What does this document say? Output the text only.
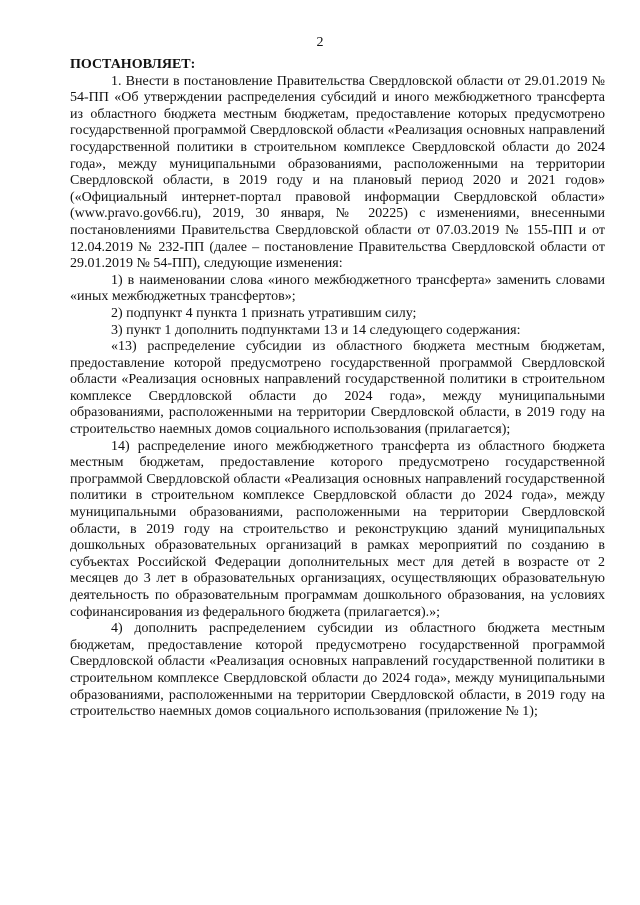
2

ПОСТАНОВЛЯЕТ:

1. Внести в постановление Правительства Свердловской области от 29.01.2019 № 54-ПП «Об утверждении распределения субсидий и иного межбюджетного трансферта из областного бюджета местным бюджетам, предоставление которых предусмотрено государственной программой Свердловской области «Реализация основных направлений государственной политики в строительном комплексе Свердловской области до 2024 года», между муниципальными образованиями, расположенными на территории Свердловской области, в 2019 году и на плановый период 2020 и 2021 годов» («Официальный интернет-портал правовой информации Свердловской области» (www.pravo.gov66.ru), 2019, 30 января, № 20225) с изменениями, внесенными постановлениями Правительства Свердловской области от 07.03.2019 № 155-ПП и от 12.04.2019 № 232-ПП (далее – постановление Правительства Свердловской области от 29.01.2019 № 54-ПП), следующие изменения:

1) в наименовании слова «иного межбюджетного трансферта» заменить словами «иных межбюджетных трансфертов»;

2) подпункт 4 пункта 1 признать утратившим силу;

3) пункт 1 дополнить подпунктами 13 и 14 следующего содержания:

«13) распределение субсидии из областного бюджета местным бюджетам, предоставление которой предусмотрено государственной программой Свердловской области «Реализация основных направлений государственной политики в строительном комплексе Свердловской области до 2024 года», между муниципальными образованиями, расположенными на территории Свердловской области, в 2019 году на строительство наемных домов социального использования (прилагается);

14) распределение иного межбюджетного трансферта из областного бюджета местным бюджетам, предоставление которого предусмотрено государственной программой Свердловской области «Реализация основных направлений государственной политики в строительном комплексе Свердловской области до 2024 года», между муниципальными образованиями, расположенными на территории Свердловской области, в 2019 году на строительство и реконструкцию зданий муниципальных дошкольных образовательных организаций в рамках мероприятий по созданию в субъектах Российской Федерации дополнительных мест для детей в возрасте от 2 месяцев до 3 лет в образовательных организациях, осуществляющих образовательную деятельность по образовательным программам дошкольного образования, на условиях софинансирования из федерального бюджета (прилагается).»;

4) дополнить распределением субсидии из областного бюджета местным бюджетам, предоставление которой предусмотрено государственной программой Свердловской области «Реализация основных направлений государственной политики в строительном комплексе Свердловской области до 2024 года», между муниципальными образованиями, расположенными на территории Свердловской области, в 2019 году на строительство наемных домов социального использования (приложение № 1);
